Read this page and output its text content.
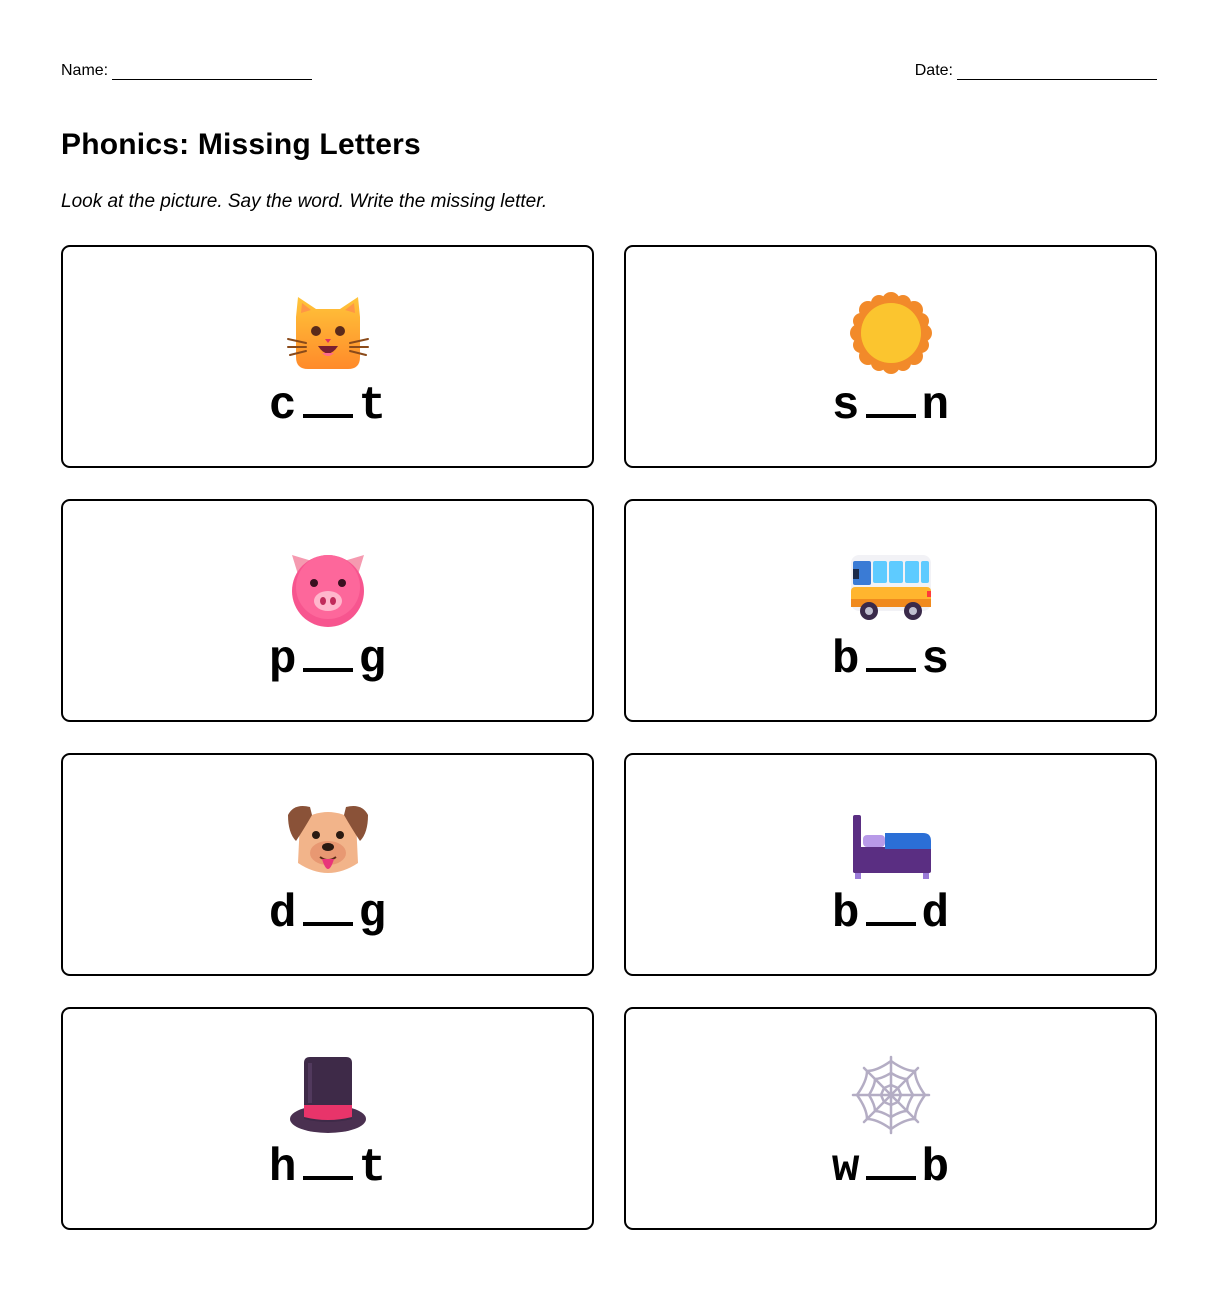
Name:	Date:
Phonics: Missing Letters

Look at the picture. Say the word. Write the missing letter.

c t	s n
p g	b s
d g	b d
h t	w b
